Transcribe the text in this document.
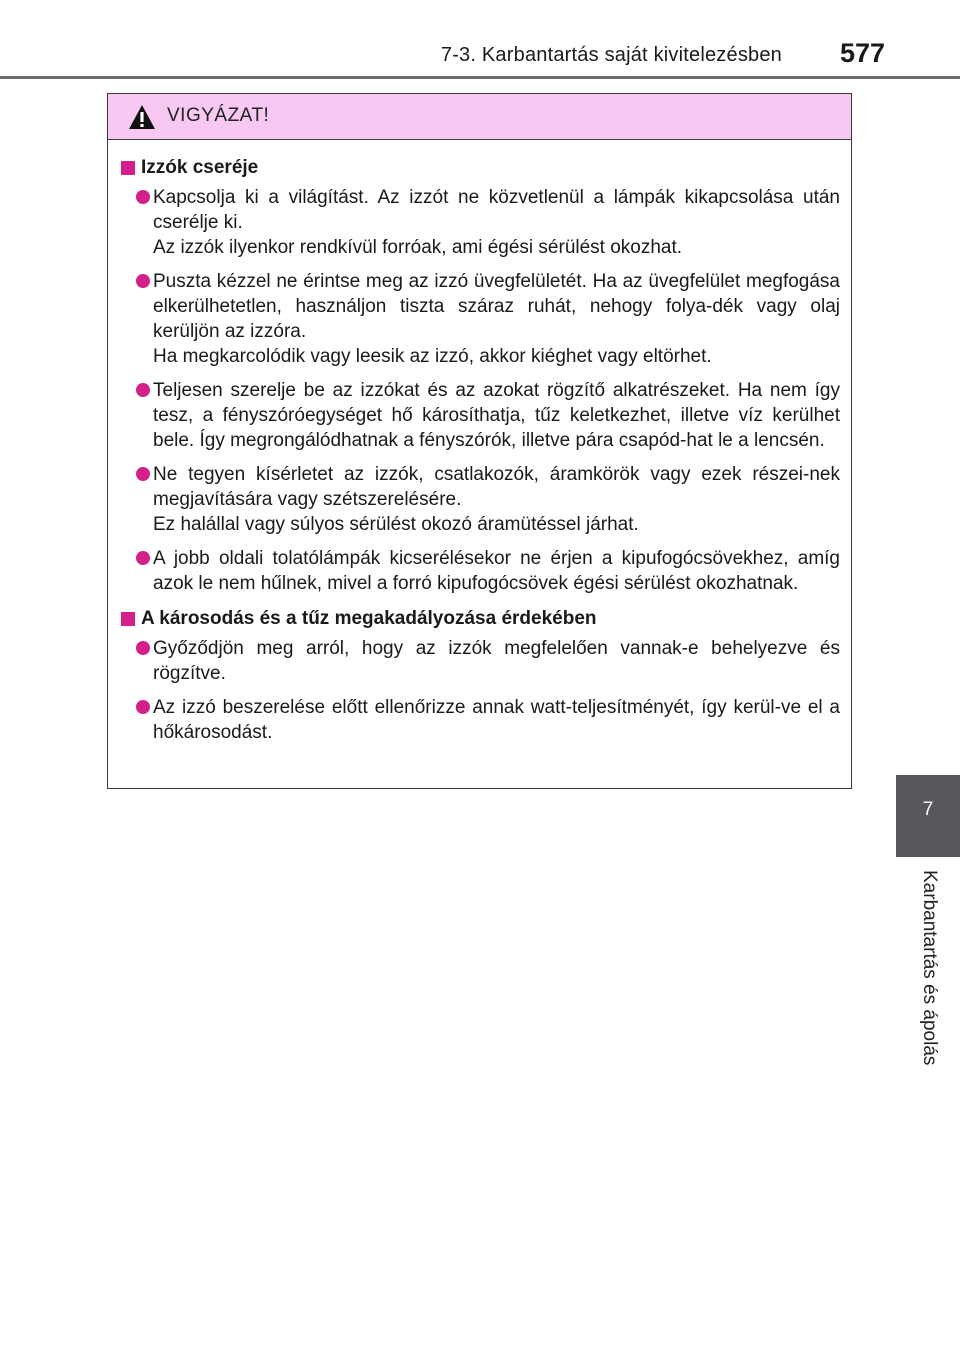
7-3. Karbantartás saját kivitelezésben 577
VIGYÁZAT!
Izzók cseréje

Kapcsolja ki a világítást. Az izzót ne közvetlenül a lámpák kikapcsolása után cserélje ki.

Az izzók ilyenkor rendkívül forróak, ami égési sérülést okozhat.

Puszta kézzel ne érintse meg az izzó üvegfelületét. Ha az üvegfelület megfogása elkerülhetetlen, használjon tiszta száraz ruhát, nehogy folya-dék vagy olaj kerüljön az izzóra.

Ha megkarcolódik vagy leesik az izzó, akkor kiéghet vagy eltörhet.

Teljesen szerelje be az izzókat és az azokat rögzítő alkatrészeket. Ha nem így tesz, a fényszóróegységet hő károsíthatja, tűz keletkezhet, illetve víz kerülhet bele. Így megrongálódhatnak a fényszórók, illetve pára csapód-hat le a lencsén.

Ne tegyen kísérletet az izzók, csatlakozók, áramkörök vagy ezek részei-nek megjavítására vagy szétszerelésére.

Ez halállal vagy súlyos sérülést okozó áramütéssel járhat.

A jobb oldali tolatólámpák kicserélésekor ne érjen a kipufogócsövekhez, amíg azok le nem hűlnek, mivel a forró kipufogócsövek égési sérülést okozhatnak.

A károsodás és a tűz megakadályozása érdekében

Győződjön meg arról, hogy az izzók megfelelően vannak-e behelyezve és rögzítve.

Az izzó beszerelése előtt ellenőrizze annak watt-teljesítményét, így kerül-ve el a hőkárosodást.

7
Karbantartás és ápolás
